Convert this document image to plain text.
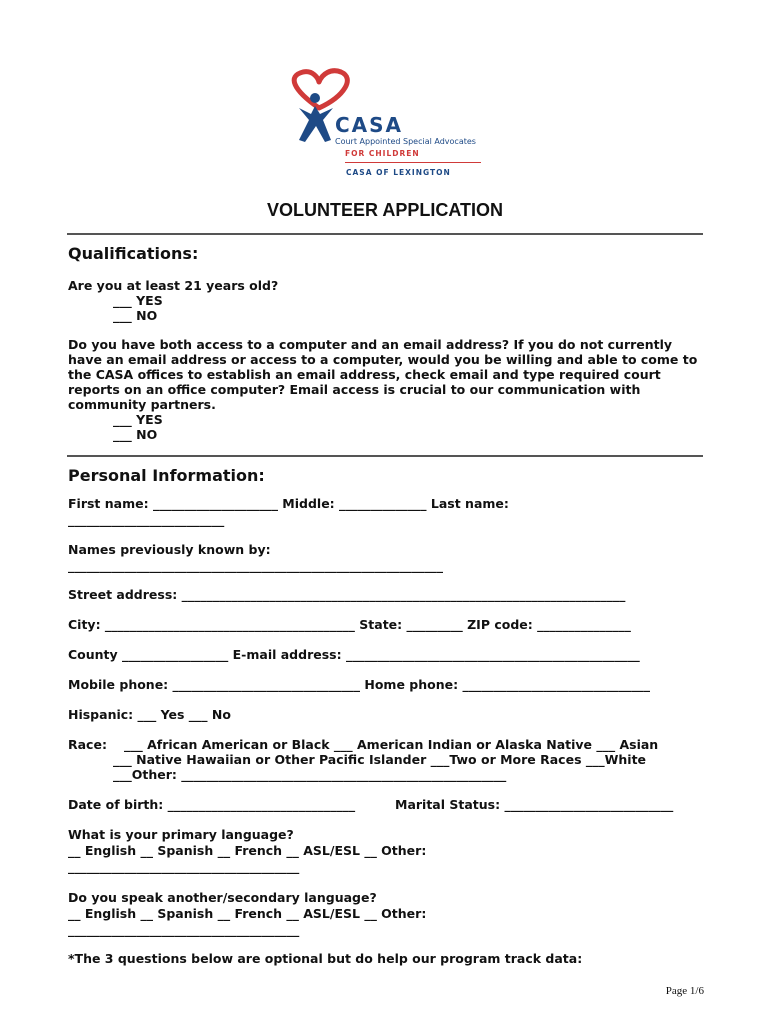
CASA
Court Appointed Special Advocates
FOR CHILDREN
CASA OF LEXINGTON
VOLUNTEER APPLICATION
Qualifications:
Are you at least 21 years old?
___ YES
___ NO
Do you have both access to a computer and an email address? If you do not currently have an email address or access to a computer, would you be willing and able to come to the CASA offices to establish an email address, check email and type required court reports on an office computer? Email access is crucial to our communication with community partners.
___ YES
___ NO
Personal Information:
First name: ____________________ Middle: ______________ Last name:
_________________________
Names previously known by:
____________________________________________________________
Street address: _______________________________________________________________________
City: ________________________________________ State: _________ ZIP code: _______________
County _________________ E-mail address: _______________________________________________
Mobile phone: ______________________________ Home phone: ______________________________
Hispanic: ___ Yes ___ No
Race: ___ African American or Black ___ American Indian or Alaska Native ___ Asian
___ Native Hawaiian or Other Pacific Islander ___Two or More Races ___White
___Other: ____________________________________________________
Date of birth: ______________________________	Marital Status: ___________________________
What is your primary language?
__ English __ Spanish __ French __ ASL/ESL __ Other:
_____________________________________
Do you speak another/secondary language?
__ English __ Spanish __ French __ ASL/ESL __ Other:
_____________________________________
*The 3 questions below are optional but do help our program track data:
Page 1/6
